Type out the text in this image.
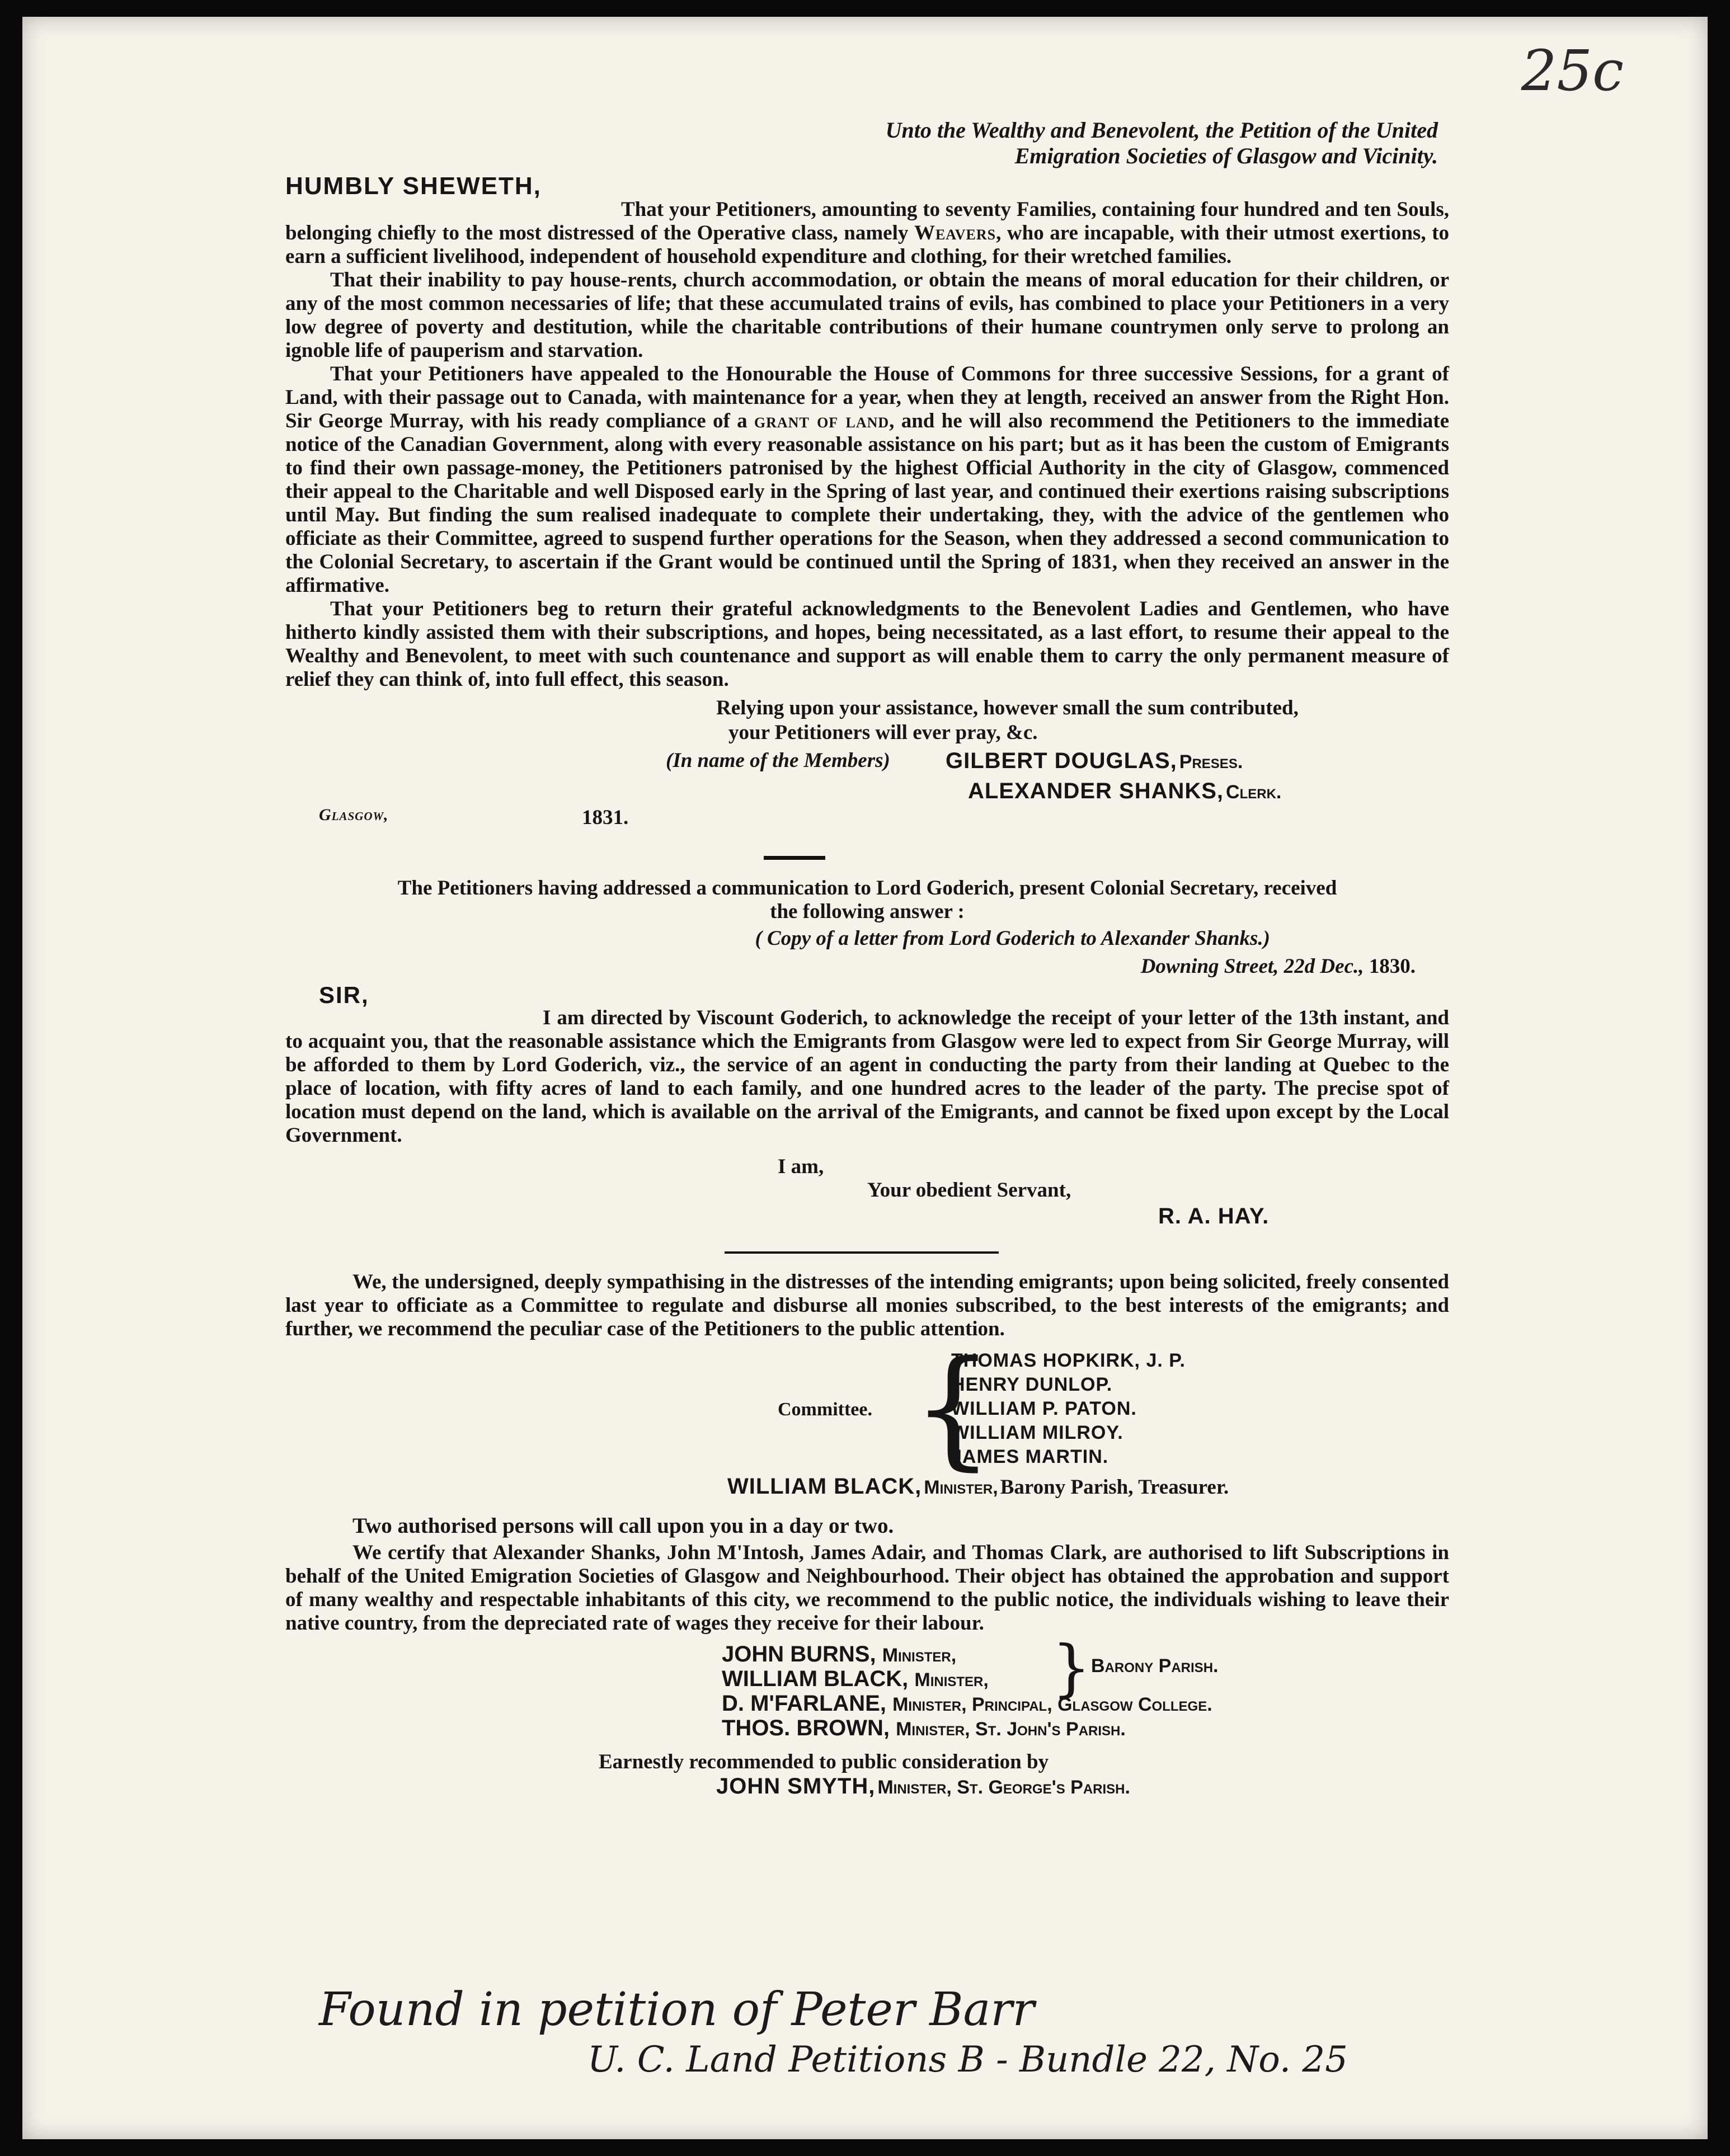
25c
Unto the Wealthy and Benevolent, the Petition of the United
Emigration Societies of Glasgow and Vicinity.
HUMBLY SHEWETH,

That your Petitioners, amounting to seventy Families, containing four hundred and ten Souls, belonging chiefly to the most distressed of the Operative class, namely Weavers, who are incapable, with their utmost exertions, to earn a sufficient livelihood, independent of household expenditure and clothing, for their wretched families.

That their inability to pay house-rents, church accommodation, or obtain the means of moral education for their children, or any of the most common necessaries of life; that these accumulated trains of evils, has combined to place your Petitioners in a very low degree of poverty and destitution, while the charitable contributions of their humane countrymen only serve to prolong an ignoble life of pauperism and starvation.

That your Petitioners have appealed to the Honourable the House of Commons for three successive Sessions, for a grant of Land, with their passage out to Canada, with maintenance for a year, when they at length, received an answer from the Right Hon. Sir George Murray, with his ready compliance of a grant of land, and he will also recommend the Petitioners to the immediate notice of the Canadian Government, along with every reasonable assistance on his part; but as it has been the custom of Emigrants to find their own passage-money, the Petitioners patronised by the highest Official Authority in the city of Glasgow, commenced their appeal to the Charitable and well Disposed early in the Spring of last year, and continued their exertions raising subscriptions until May. But finding the sum realised inadequate to complete their undertaking, they, with the advice of the gentlemen who officiate as their Committee, agreed to suspend further operations for the Season, when they addressed a second communication to the Colonial Secretary, to ascertain if the Grant would be continued until the Spring of 1831, when they received an answer in the affirmative.

That your Petitioners beg to return their grateful acknowledgments to the Benevolent Ladies and Gentlemen, who have hitherto kindly assisted them with their subscriptions, and hopes, being necessitated, as a last effort, to resume their appeal to the Wealthy and Benevolent, to meet with such countenance and support as will enable them to carry the only permanent measure of relief they can think of, into full effect, this season.

Relying upon your assistance, however small the sum contributed,
your Petitioners will ever pray, &c.
(In name of the Members) GILBERT DOUGLAS, Preses.
ALEXANDER SHANKS, Clerk.
Glasgow,	1831.
The Petitioners having addressed a communication to Lord Goderich, present Colonial Secretary, received
the following answer :
( Copy of a letter from Lord Goderich to Alexander Shanks.)
Downing Street, 22d Dec., 1830.
SIR,

I am directed by Viscount Goderich, to acknowledge the receipt of your letter of the 13th instant, and to acquaint you, that the reasonable assistance which the Emigrants from Glasgow were led to expect from Sir George Murray, will be afforded to them by Lord Goderich, viz., the service of an agent in conducting the party from their landing at Quebec to the place of location, with fifty acres of land to each family, and one hundred acres to the leader of the party. The precise spot of location must depend on the land, which is available on the arrival of the Emigrants, and cannot be fixed upon except by the Local Government.

I am,
Your obedient Servant,
R. A. HAY.

We, the undersigned, deeply sympathising in the distresses of the intending emigrants; upon being solicited, freely consented last year to officiate as a Committee to regulate and disburse all monies subscribed, to the best interests of the emigrants; and further, we recommend the peculiar case of the Petitioners to the public attention.

Committee. {
THOMAS HOPKIRK, J. P.
HENRY DUNLOP.
WILLIAM P. PATON.
WILLIAM MILROY.
JAMES MARTIN.
WILLIAM BLACK, Minister, Barony Parish, Treasurer.
Two authorised persons will call upon you in a day or two.

We certify that Alexander Shanks, John M'Intosh, James Adair, and Thomas Clark, are authorised to lift Subscriptions in behalf of the United Emigration Societies of Glasgow and Neighbourhood. Their object has obtained the approbation and support of many wealthy and respectable inhabitants of this city, we recommend to the public notice, the individuals wishing to leave their native country, from the depreciated rate of wages they receive for their labour.

JOHN BURNS, Minister,
WILLIAM BLACK, Minister, } Barony Parish.
D. M'FARLANE, Minister, Principal, Glasgow College.
THOS. BROWN, Minister, St. John's Parish.
Earnestly recommended to public consideration by
JOHN SMYTH, Minister, St. George's Parish.
Found in petition of Peter Barr
U. C. Land Petitions B - Bundle 22, No. 25
